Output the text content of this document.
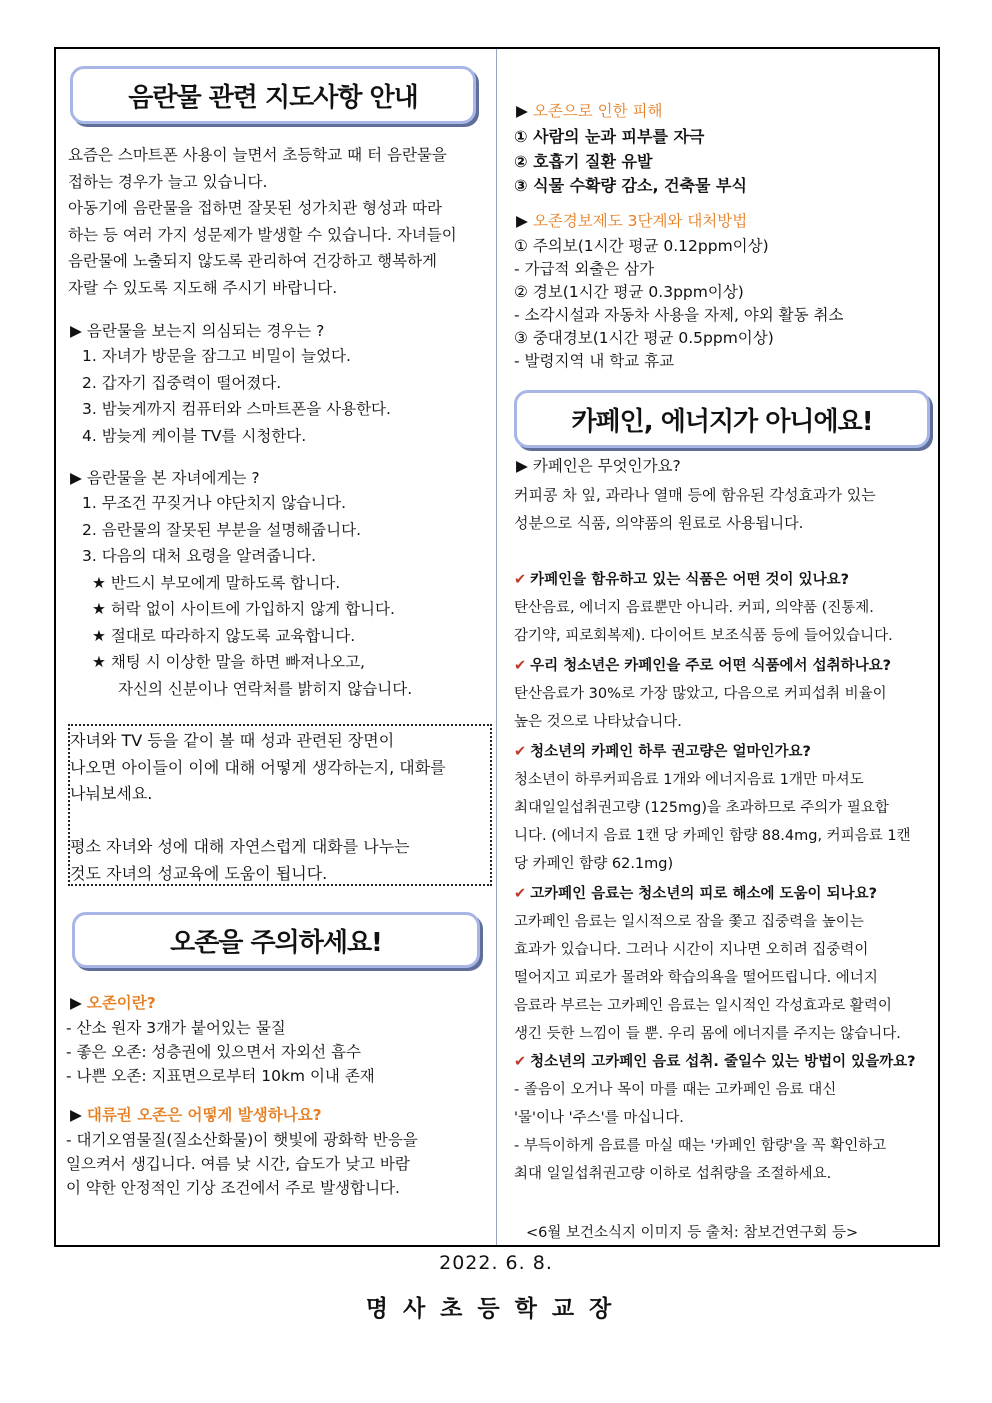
음란물 관련 지도사항 안내
요즘은 스마트폰 사용이 늘면서 초등학교 때 터 음란물을
접하는 경우가 늘고 있습니다.
아동기에 음란물을 접하면 잘못된 성가치관 형성과 따라
하는 등 여러 가지 성문제가 발생할 수 있습니다. 자녀들이
음란물에 노출되지 않도록 관리하여 건강하고 행복하게
자랄 수 있도록 지도해 주시기 바랍니다.
▶ 음란물을 보는지 의심되는 경우는 ?
1. 자녀가 방문을 잠그고 비밀이 늘었다.
2. 갑자기 집중력이 떨어졌다.
3. 밤늦게까지 컴퓨터와 스마트폰을 사용한다.
4. 밤늦게 케이블 TV를 시청한다.
▶ 음란물을 본 자녀에게는 ?
1. 무조건 꾸짖거나 야단치지 않습니다.
2. 음란물의 잘못된 부분을 설명해줍니다.
3. 다음의 대처 요령을 알려줍니다.
★ 반드시 부모에게 말하도록 합니다.
★ 허락 없이 사이트에 가입하지 않게 합니다.
★ 절대로 따라하지 않도록 교육합니다.
★ 채팅 시 이상한 말을 하면 빠져나오고,
자신의 신분이나 연락처를 밝히지 않습니다.
자녀와 TV 등을 같이 볼 때 성과 관련된 장면이
나오면 아이들이 이에 대해 어떻게 생각하는지, 대화를
나눠보세요.
평소 자녀와 성에 대해 자연스럽게 대화를 나누는
것도 자녀의 성교육에 도움이 됩니다.
오존을 주의하세요!
▶ 오존이란?
- 산소 원자 3개가 붙어있는 물질
- 좋은 오존: 성층권에 있으면서 자외선 흡수
- 나쁜 오존: 지표면으로부터 10km 이내 존재
▶ 대류권 오존은 어떻게 발생하나요?
- 대기오염물질(질소산화물)이 햇빛에 광화학 반응을
일으켜서 생깁니다. 여름 낮 시간, 습도가 낮고 바람
이 약한 안정적인 기상 조건에서 주로 발생합니다.
▶ 오존으로 인한 피해
① 사람의 눈과 피부를 자극
② 호흡기 질환 유발
③ 식물 수확량 감소, 건축물 부식
▶ 오존경보제도 3단계와 대처방법
① 주의보(1시간 평균 0.12ppm이상)
- 가급적 외출은 삼가
② 경보(1시간 평균 0.3ppm이상)
- 소각시설과 자동차 사용을 자제, 야외 활동 취소
③ 중대경보(1시간 평균 0.5ppm이상)
- 발령지역 내 학교 휴교
카페인, 에너지가 아니에요!
▶ 카페인은 무엇인가요?
커피콩 차 잎, 과라나 열매 등에 함유된 각성효과가 있는
성분으로 식품, 의약품의 원료로 사용됩니다.
✔ 카페인을 함유하고 있는 식품은 어떤 것이 있나요?
탄산음료, 에너지 음료뿐만 아니라. 커피, 의약품 (진통제.
감기약, 피로회복제). 다이어트 보조식품 등에 들어있습니다.
✔ 우리 청소년은 카페인을 주로 어떤 식품에서 섭취하나요?
탄산음료가 30%로 가장 많았고, 다음으로 커피섭취 비율이
높은 것으로 나타났습니다.
✔ 청소년의 카페인 하루 권고량은 얼마인가요?
청소년이 하루커피음료 1개와 에너지음료 1개만 마셔도
최대일일섭취권고량 (125mg)을 초과하므로 주의가 필요합
니다. (에너지 음료 1캔 당 카페인 함량 88.4mg, 커피음료 1캔
당 카페인 함량 62.1mg)
✔ 고카페인 음료는 청소년의 피로 해소에 도움이 되나요?
고카페인 음료는 일시적으로 잠을 쫓고 집중력을 높이는
효과가 있습니다. 그러나 시간이 지나면 오히려 집중력이
떨어지고 피로가 몰려와 학습의욕을 떨어뜨립니다. 에너지
음료라 부르는 고카페인 음료는 일시적인 각성효과로 활력이
생긴 듯한 느낌이 들 뿐. 우리 몸에 에너지를 주지는 않습니다.
✔ 청소년의 고카페인 음료 섭취. 줄일수 있는 방법이 있을까요?
- 졸음이 오거나 목이 마를 때는 고카페인 음료 대신
'물'이나 '주스'를 마십니다.
- 부득이하게 음료를 마실 때는 '카페인 함량'을 꼭 확인하고
최대 일일섭취권고량 이하로 섭취량을 조절하세요.
<6월 보건소식지 이미지 등 출처: 참보건연구회 등>
2022. 6. 8.
명사초등학교장
